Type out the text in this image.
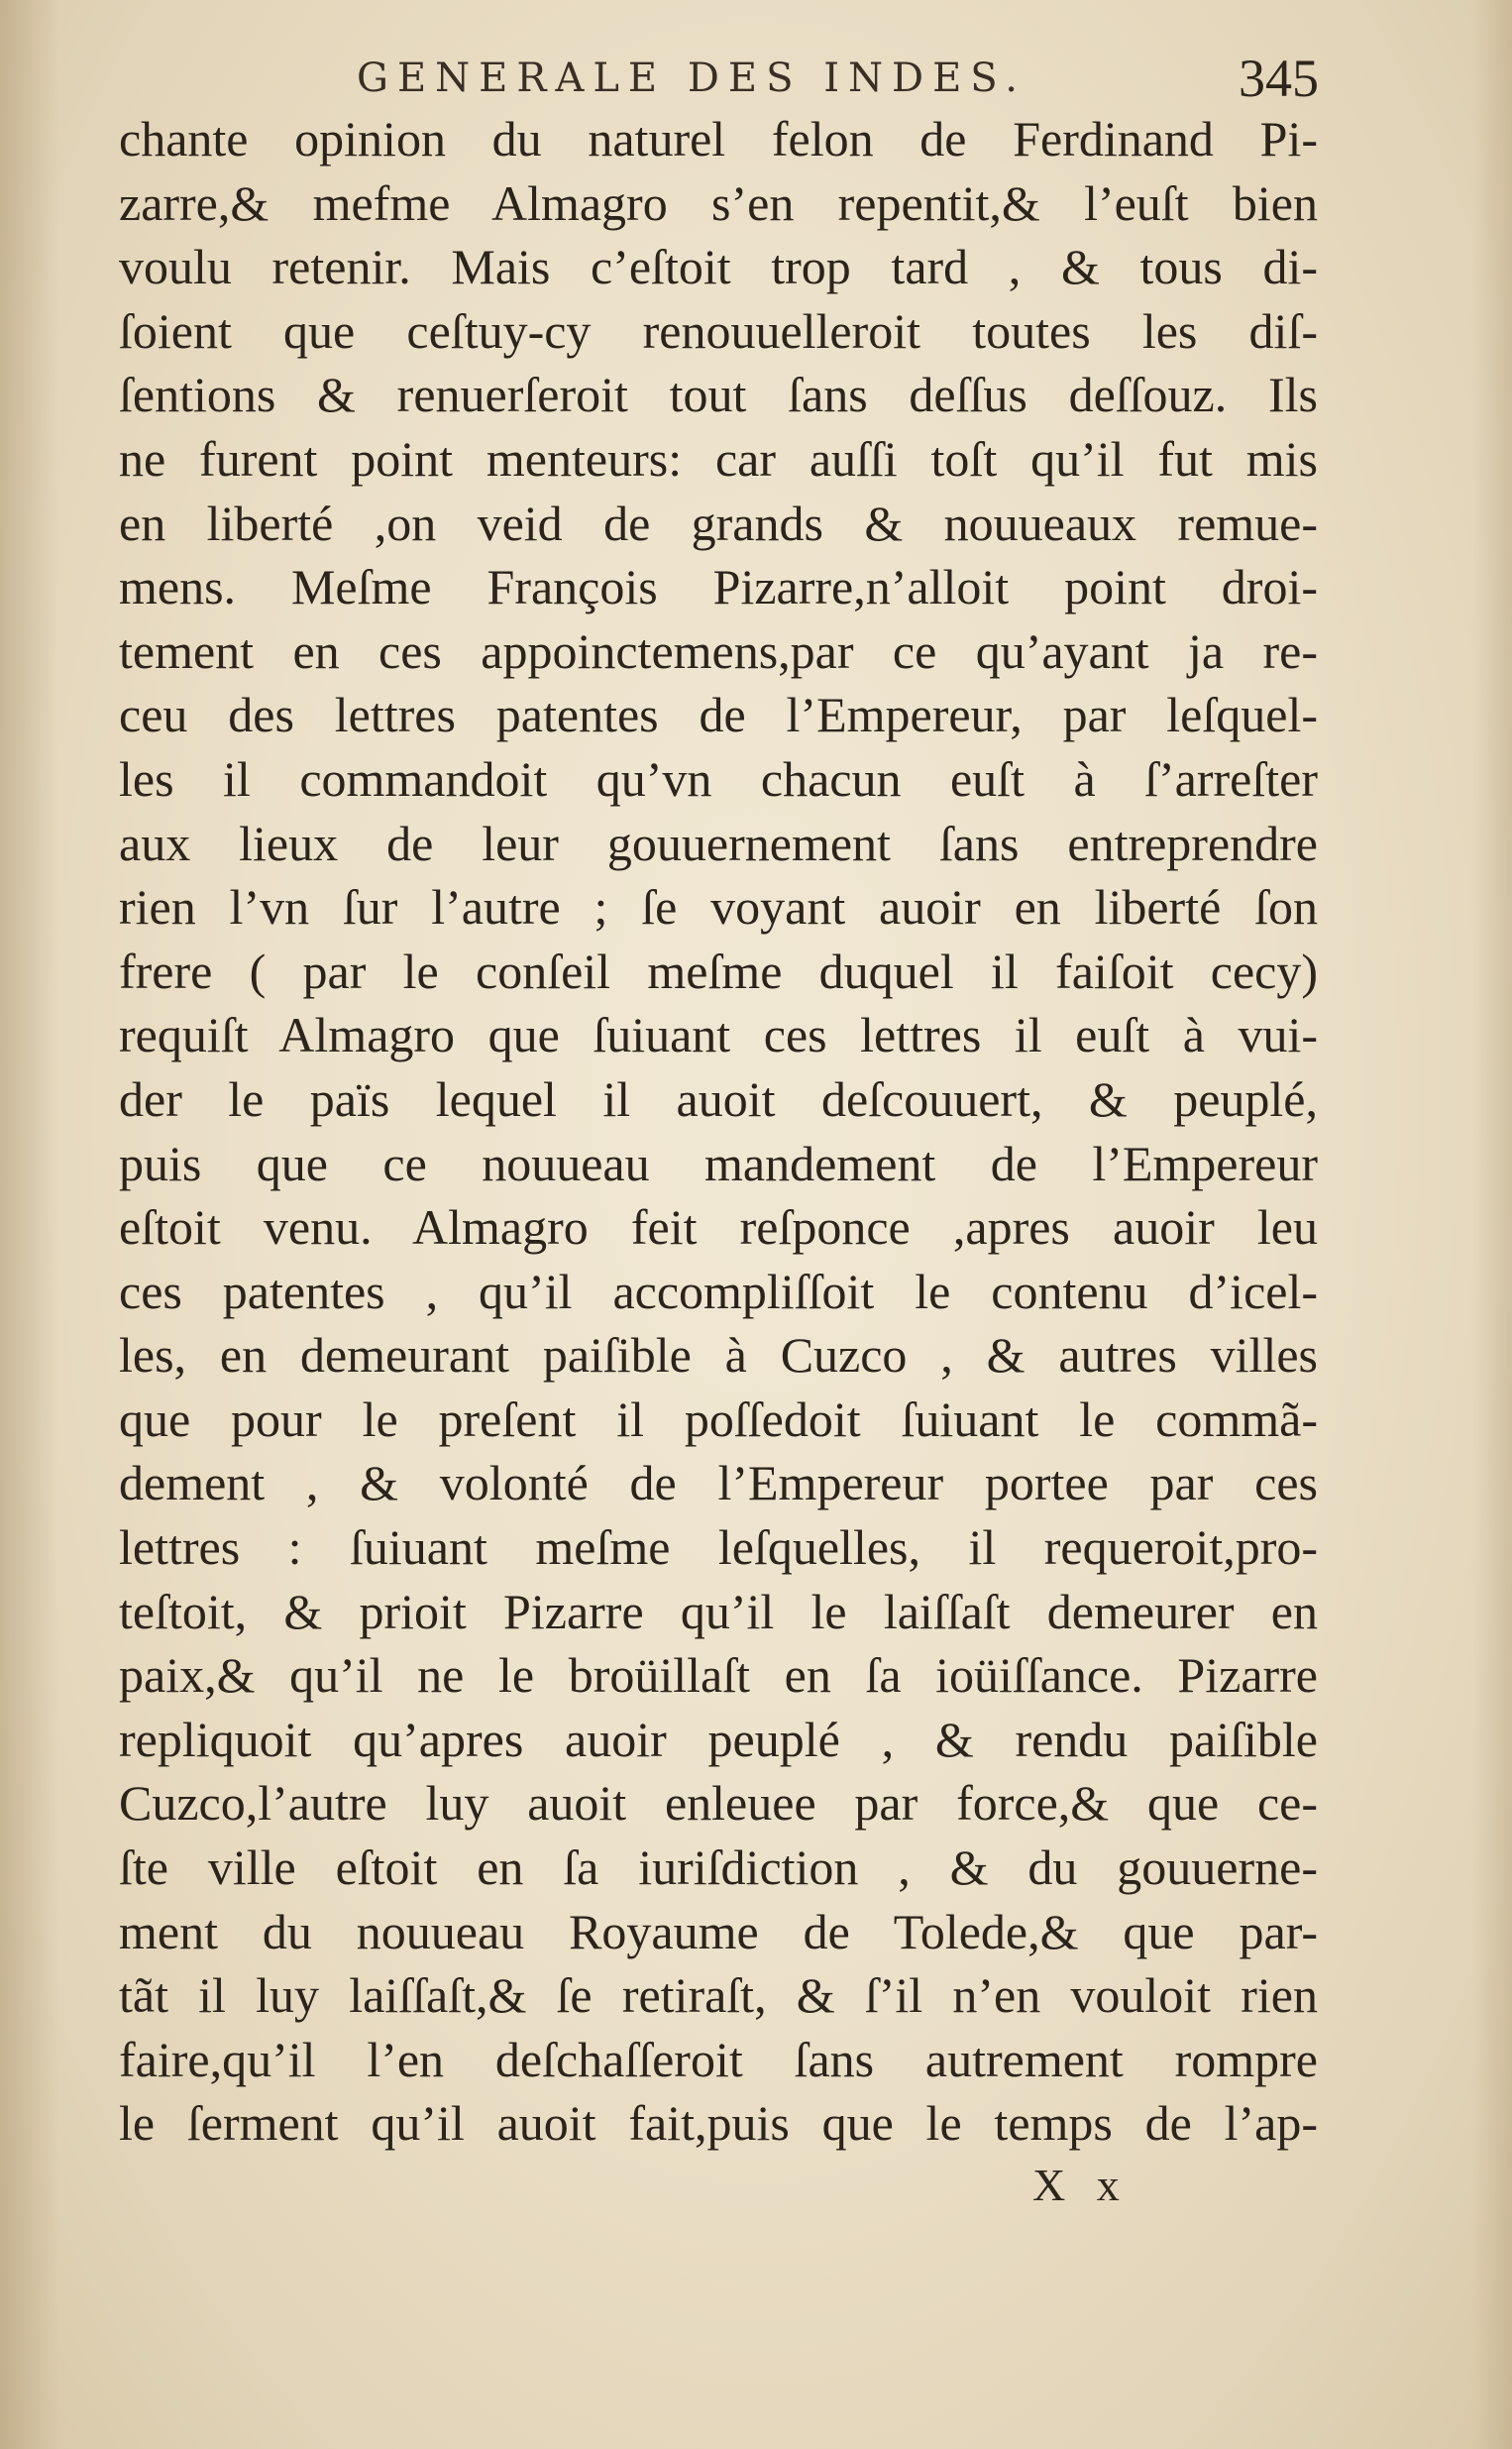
GENERALE DES INDES.	345
chante opinion du naturel felon de Ferdinand Pi-
zarre,& mefme Almagro s’en repentit,& l’euſt bien
voulu retenir. Mais c’eſtoit trop tard , & tous di-
ſoient que ceſtuy-cy renouuelleroit toutes les diſ-
ſentions & renuerſeroit tout ſans deſſus deſſouz. Ils
ne furent point menteurs: car auſſi toſt qu’il fut mis
en liberté ,on veid de grands & nouueaux remue-
mens. Meſme François Pizarre,n’alloit point droi-
tement en ces appoinctemens,par ce qu’ayant ja re-
ceu des lettres patentes de l’Empereur, par leſquel-
les il commandoit qu’vn chacun euſt à ſ’arreſter
aux lieux de leur gouuernement ſans entreprendre
rien l’vn ſur l’autre ; ſe voyant auoir en liberté ſon
frere ( par le conſeil meſme duquel il faiſoit cecy)
requiſt Almagro que ſuiuant ces lettres il euſt à vui-
der le païs lequel il auoit deſcouuert, & peuplé,
puis que ce nouueau mandement de l’Empereur
eſtoit venu. Almagro feit reſponce ,apres auoir leu
ces patentes , qu’il accompliſſoit le contenu d’icel-
les, en demeurant paiſible à Cuzco , & autres villes
que pour le preſent il poſſedoit ſuiuant le commã-
dement , & volonté de l’Empereur portee par ces
lettres : ſuiuant meſme leſquelles, il requeroit,pro-
teſtoit, & prioit Pizarre qu’il le laiſſaſt demeurer en
paix,& qu’il ne le broüillaſt en ſa ioüiſſance. Pizarre
repliquoit qu’apres auoir peuplé , & rendu paiſible
Cuzco,l’autre luy auoit enleuee par force,& que ce-
ſte ville eſtoit en ſa iuriſdiction , & du gouuerne-
ment du nouueau Royaume de Tolede,& que par-
tãt il luy laiſſaſt,& ſe retiraſt, & ſ’il n’en vouloit rien
faire,qu’il l’en deſchaſſeroit ſans autrement rompre
le ſerment qu’il auoit fait,puis que le temps de l’ap-
X x
